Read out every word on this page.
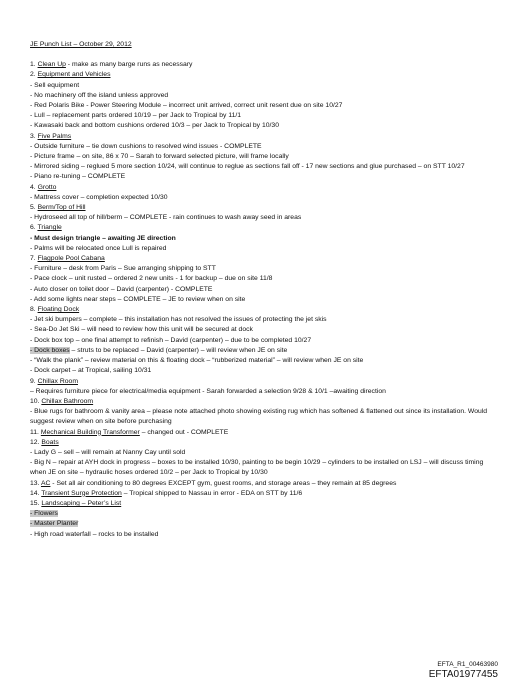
JE Punch List – October 29, 2012
1. Clean Up - make as many barge runs as necessary
2. Equipment and Vehicles
- Sell equipment
- No machinery off the island unless approved
- Red Polaris Bike - Power Steering Module – incorrect unit arrived, correct unit resent due on site 10/27
- Lull – replacement parts ordered 10/19 – per Jack to Tropical by 11/1
- Kawasaki back and bottom cushions ordered 10/3 – per Jack to Tropical by 10/30
3. Five Palms
- Outside furniture – tie down cushions to resolved wind issues - COMPLETE
- Picture frame – on site, 86 x 70 – Sarah to forward selected picture, will frame locally
- Mirrored siding – reglued 5 more section 10/24, will continue to reglue as sections fall off - 17 new sections and glue purchased – on STT 10/27
- Piano re-tuning – COMPLETE
4. Grotto
- Mattress cover – completion expected 10/30
5. Berm/Top of Hill
- Hydroseed all top of hill/berm – COMPLETE - rain continues to wash away seed in areas
6. Triangle
- Must design triangle – awaiting JE direction
- Palms will be relocated once Lull is repaired
7. Flagpole Pool Cabana
- Furniture – desk from Paris – Sue arranging shipping to STT
- Pace clock – unit rusted – ordered 2 new units - 1 for backup – due on site 11/8
- Auto closer on toilet door – David (carpenter) - COMPLETE
- Add some lights near steps – COMPLETE – JE to review when on site
8. Floating Dock
- Jet ski bumpers – complete – this installation has not resolved the issues of protecting the jet skis
- Sea-Do Jet Ski – will need to review how this unit will be secured at dock
- Dock box top – one final attempt to refinish – David (carpenter) – due to be completed 10/27
- Dock boxes – struts to be replaced – David (carpenter) – will review when JE on site
- “Walk the plank” – review material on this & floating dock – “rubberized material” – will review when JE on site
- Dock carpet – at Tropical, sailing 10/31
9. Chillax Room
– Requires furniture piece for electrical/media equipment - Sarah forwarded a selection 9/28 & 10/1 –awaiting direction
10. Chillax Bathroom
- Blue rugs for bathroom & vanity area – please note attached photo showing existing rug which has softened & flattened out since its installation. Would suggest review when on site before purchasing
11. Mechanical Building Transformer – changed out - COMPLETE
12. Boats
- Lady G – sell – will remain at Nanny Cay until sold
- Big N – repair at AYH dock in progress – boxes to be installed 10/30, painting to be begin 10/29 – cylinders to be installed on LSJ – will discuss timing when JE on site – hydraulic hoses ordered 10/2 – per Jack to Tropical by 10/30
13. AC - Set all air conditioning to 80 degrees EXCEPT gym, guest rooms, and storage areas – they remain at 85 degrees
14. Transient Surge Protection – Tropical shipped to Nassau in error - EDA on STT by 11/6
15. Landscaping – Peter’s List
- Flowers
- Master Planter
- High road waterfall – rocks to be installed
EFTA_R1_00463980
EFTA01977455
